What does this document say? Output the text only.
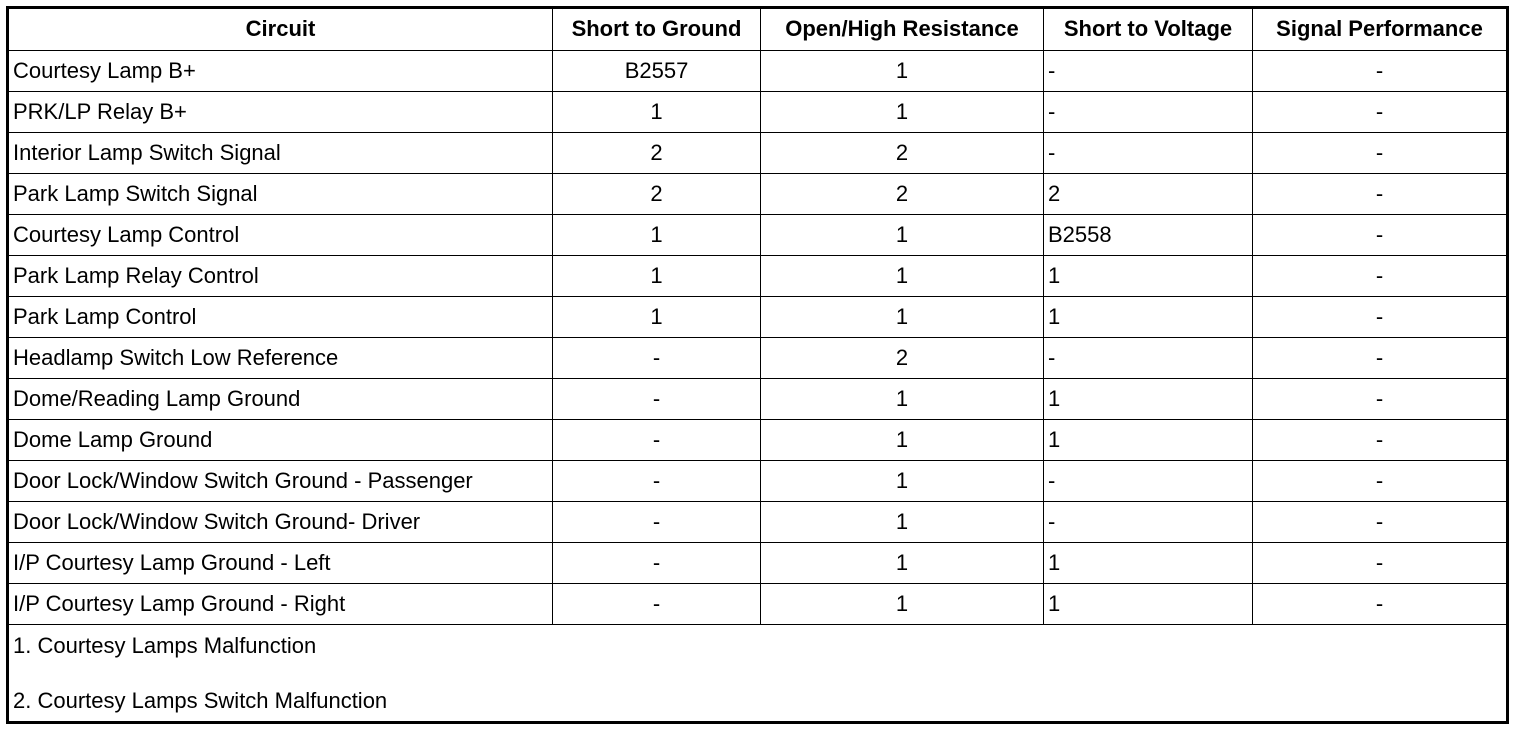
Circuit	Short to Ground	Open/High Resistance	Short to Voltage	Signal Performance
Courtesy Lamp B+	B2557	1	-	-
PRK/LP Relay B+	1	1	-	-
Interior Lamp Switch Signal	2	2	-	-
Park Lamp Switch Signal	2	2	2	-
Courtesy Lamp Control	1	1	B2558	-
Park Lamp Relay Control	1	1	1	-
Park Lamp Control	1	1	1	-
Headlamp Switch Low Reference	-	2	-	-
Dome/Reading Lamp Ground	-	1	1	-
Dome Lamp Ground	-	1	1	-
Door Lock/Window Switch Ground - Passenger	-	1	-	-
Door Lock/Window Switch Ground- Driver	-	1	-	-
I/P Courtesy Lamp Ground - Left	-	1	1	-
I/P Courtesy Lamp Ground - Right	-	1	1	-

1. Courtesy Lamps Malfunction
2. Courtesy Lamps Switch Malfunction				
